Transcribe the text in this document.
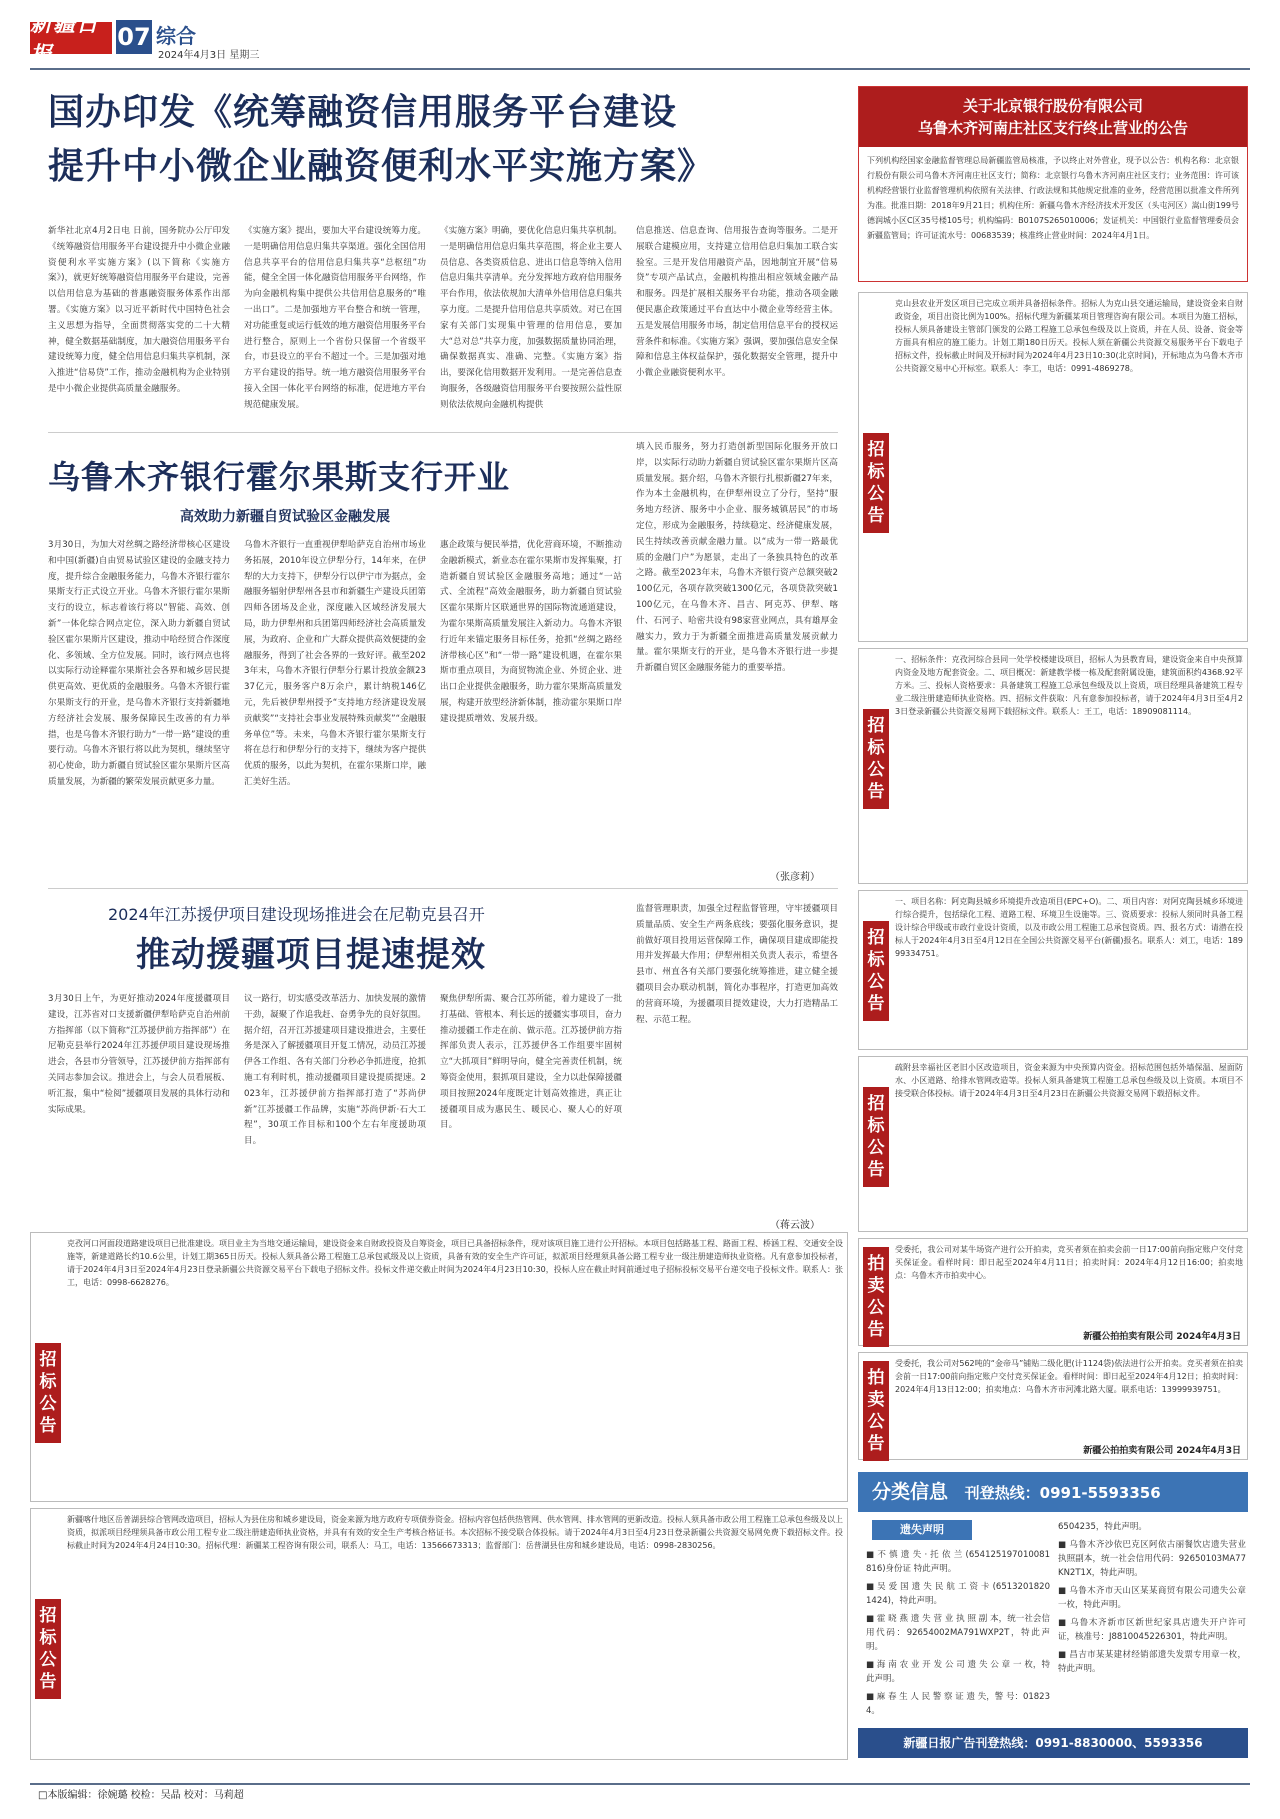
新疆日报
07 综合
2024年4月3日 星期三
国办印发《统筹融资信用服务平台建设
提升中小微企业融资便利水平实施方案》
新华社北京4月2日电 日前，国务院办公厅印发《统筹融资信用服务平台建设提升中小微企业融资便利水平实施方案》(以下简称《实施方案》)，就更好统筹融资信用服务平台建设，完善以信用信息为基础的普惠融资服务体系作出部署。《实施方案》以习近平新时代中国特色社会主义思想为指导，全面贯彻落实党的二十大精神，健全数据基础制度，加大融资信用服务平台建设统筹力度，健全信用信息归集共享机制，深入推进“信易贷”工作，推动金融机构为企业特别是中小微企业提供高质量金融服务。
《实施方案》提出，要加大平台建设统筹力度。一是明确信用信息归集共享渠道。强化全国信用信息共享平台的信用信息归集共享“总枢纽”功能，健全全国一体化融资信用服务平台网络，作为向金融机构集中提供公共信用信息服务的“唯一出口”。二是加强地方平台整合和统一管理，对功能重复或运行低效的地方融资信用服务平台进行整合，原则上一个省份只保留一个省级平台，市县设立的平台不超过一个。三是加强对地方平台建设的指导。统一地方融资信用服务平台接入全国一体化平台网络的标准，促进地方平台规范健康发展。
《实施方案》明确，要优化信息归集共享机制。一是明确信用信息归集共享范围，将企业主要人员信息、各类资质信息、进出口信息等纳入信用信息归集共享清单。充分发挥地方政府信用服务平台作用，依法依规加大清单外信用信息归集共享力度。二是提升信用信息共享质效。对已在国家有关部门实现集中管理的信用信息，要加大“总对总”共享力度，加强数据质量协同治理，确保数据真实、准确、完整。《实施方案》指出，要深化信用数据开发利用。一是完善信息查询服务，各级融资信用服务平台要按照公益性原则依法依规向金融机构提供
信息推送、信息查询、信用报告查询等服务。二是开展联合建模应用，支持建立信用信息归集加工联合实验室。三是开发信用融资产品，因地制宜开展“信易贷”专项产品试点，金融机构推出相应领域金融产品和服务。四是扩展相关服务平台功能，推动各项金融便民惠企政策通过平台直达中小微企业等经营主体。五是发展信用服务市场，制定信用信息平台的授权运营条件和标准。《实施方案》强调，要加强信息安全保障和信息主体权益保护，强化数据安全管理，提升中小微企业融资便利水平。
关于北京银行股份有限公司
乌鲁木齐河南庄社区支行终止营业的公告
下列机构经国家金融监督管理总局新疆监管局核准，予以终止对外营业，现予以公告：机构名称：北京银行股份有限公司乌鲁木齐河南庄社区支行；简称：北京银行乌鲁木齐河南庄社区支行；业务范围：许可该机构经营银行业监督管理机构依照有关法律、行政法规和其他规定批准的业务，经营范围以批准文件所列为准。批准日期：2018年9月21日；机构住所：新疆乌鲁木齐经济技术开发区（头屯河区）嵩山街199号德润城小区C区35号楼105号；机构编码：B0107S265010006；发证机关：中国银行业监督管理委员会新疆监管局；许可证流水号：00683539；核准终止营业时间：2024年4月1日。
乌鲁木齐银行霍尔果斯支行开业
高效助力新疆自贸试验区金融发展
3月30日，为加大对丝绸之路经济带核心区建设和中国(新疆)自由贸易试验区建设的金融支持力度，提升综合金融服务能力，乌鲁木齐银行霍尔果斯支行正式设立开业。乌鲁木齐银行霍尔果斯支行的设立，标志着该行将以“智能、高效、创新”一体化综合网点定位，深入助力新疆自贸试验区霍尔果斯片区建设，推动中哈经贸合作深度化、多领域、全方位发展。同时，该行网点也将以实际行动诠释霍尔果斯社会各界和城乡居民提供更高效、更优质的金融服务。乌鲁木齐银行霍尔果斯支行的开业，是乌鲁木齐银行支持新疆地方经济社会发展、服务保障民生改善的有力举措，也是乌鲁木齐银行助力“一带一路”建设的重要行动。乌鲁木齐银行将以此为契机，继续坚守初心使命，助力新疆自贸试验区霍尔果斯片区高质量发展，为新疆的繁荣发展贡献更多力量。
乌鲁木齐银行一直重视伊犁哈萨克自治州市场业务拓展，2010年设立伊犁分行，14年来，在伊犁的大力支持下，伊犁分行以伊宁市为据点，金融服务辐射伊犁州各县市和新疆生产建设兵团第四师各团场及企业，深度融入区域经济发展大局，助力伊犁州和兵团第四师经济社会高质量发展，为政府、企业和广大群众提供高效便捷的金融服务，得到了社会各界的一致好评。截至2023年末，乌鲁木齐银行伊犁分行累计投放金额2337亿元，服务客户8万余户，累计纳税146亿元，先后被伊犁州授予“支持地方经济建设发展贡献奖”“支持社会事业发展特殊贡献奖”“金融服务单位”等。未来，乌鲁木齐银行霍尔果斯支行将在总行和伊犁分行的支持下，继续为客户提供优质的服务，以此为契机，在霍尔果斯口岸，融汇美好生活。
惠企政策与便民举措，优化营商环境，不断推动金融新模式，新业态在霍尔果斯市发挥集聚，打造新疆自贸试验区金融服务高地；通过“一站式、全流程”高效金融服务，助力新疆自贸试验区霍尔果斯片区联通世界的国际物流通道建设，为霍尔果斯高质量发展注入新动力。乌鲁木齐银行近年来锚定服务目标任务，抢抓“丝绸之路经济带核心区”和“一带一路”建设机遇，在霍尔果斯市重点项目，为商贸物流企业、外贸企业、进出口企业提供金融服务，助力霍尔果斯高质量发展，构建开放型经济新体制，推动霍尔果斯口岸建设提质增效、发展升级。
填入民币服务，努力打造创新型国际化服务开放口岸，以实际行动助力新疆自贸试验区霍尔果斯片区高质量发展。据介绍，乌鲁木齐银行扎根新疆27年来，作为本土金融机构，在伊犁州设立了分行，坚持“服务地方经济、服务中小企业、服务城镇居民”的市场定位，形成为金融服务，持续稳定、经济健康发展，民生持续改善贡献金融力量。以“成为一带一路最优质的金融门户”为愿景，走出了一条独具特色的改革之路。截至2023年末，乌鲁木齐银行资产总额突破2100亿元，各项存款突破1300亿元，各项贷款突破1100亿元，在乌鲁木齐、昌吉、阿克苏、伊犁、喀什、石河子、哈密共设有98家营业网点，具有雄厚金融实力，致力于为新疆全面推进高质量发展贡献力量。霍尔果斯支行的开业，是乌鲁木齐银行进一步提升新疆自贸区金融服务能力的重要举措。
（张彦莉）
2024年江苏援伊项目建设现场推进会在尼勒克县召开
推动援疆项目提速提效
3月30日上午，为更好推动2024年度援疆项目建设，江苏省对口支援新疆伊犁哈萨克自治州前方指挥部（以下简称“江苏援伊前方指挥部”）在尼勒克县举行2024年江苏援伊项目建设现场推进会，各县市分管领导，江苏援伊前方指挥部有关同志参加会议。推进会上，与会人员看展板、听汇报，集中“检阅”援疆项目发展的具体行动和实际成果。
议一路行，切实感受改革活力、加快发展的激情干劲，凝聚了作追我赶、奋勇争先的良好氛围。据介绍，召开江苏援建项目建设推进会，主要任务是深入了解援疆项目开复工情况，动员江苏援伊各工作组、各有关部门分秒必争抓进度，抢抓施工有利时机，推动援疆项目建设提质提速。2023年，江苏援伊前方指挥部打造了“苏尚伊新”江苏援疆工作品牌，实施“苏尚伊新·石大工程”，30项工作目标和100个左右年度援助项目。
聚焦伊犁所需、聚合江苏所能，着力建设了一批打基础、管根本、利长远的援疆实事项目，奋力推动援疆工作走在前、做示范。江苏援伊前方指挥部负责人表示，江苏援伊各工作组要牢固树立“大抓项目”鲜明导向，健全完善责任机制，统筹资金使用，狠抓项目建设，全力以赴保障援疆项目按照2024年度既定计划高效推进，真正让援疆项目成为惠民生、暖民心、聚人心的好项目。
监督管理职责，加强全过程监督管理，守牢援疆项目质量品质、安全生产两条底线；要强化服务意识，提前做好项目投用运营保障工作，确保项目建成即能投用并发挥最大作用；伊犁州相关负责人表示，希望各县市、州直各有关部门要强化统筹推进，建立健全援疆项目会办联动机制，简化办事程序，打造更加高效的营商环境，为援疆项目提效建设，大力打造精品工程、示范工程。
（蒋云波）
招标公告
克山县农业开发区项目已完成立项并具备招标条件。招标人为克山县交通运输局，建设资金来自财政资金，项目出资比例为100%。招标代理为新疆某项目管理咨询有限公司。本项目为施工招标，投标人须具备建设主管部门颁发的公路工程施工总承包叁级及以上资质，并在人员、设备、资金等方面具有相应的施工能力。计划工期180日历天。投标人须在新疆公共资源交易服务平台下载电子招标文件，投标截止时间及开标时间为2024年4月23日10:30(北京时间)，开标地点为乌鲁木齐市公共资源交易中心开标室。联系人：李工，电话：0991-4869278。
招标公告
一、招标条件：克孜河综合县同一处学校楼建设项目，招标人为县教育局，建设资金来自中央预算内资金及地方配套资金。二、项目概况：新建教学楼一栋及配套附属设施，建筑面积约4368.92平方米。三、投标人资格要求：具备建筑工程施工总承包叁级及以上资质，项目经理具备建筑工程专业二级注册建造师执业资格。四、招标文件获取：凡有意参加投标者，请于2024年4月3日至4月23日登录新疆公共资源交易网下载招标文件。联系人：王工，电话：18909081114。
招标公告
一、项目名称：阿克陶县城乡环境提升改造项目(EPC+O)。二、项目内容：对阿克陶县城乡环境进行综合提升，包括绿化工程、道路工程、环境卫生设施等。三、资质要求：投标人须同时具备工程设计综合甲级或市政行业设计资质，以及市政公用工程施工总承包资质。四、报名方式：请潜在投标人于2024年4月3日至4月12日在全国公共资源交易平台(新疆)报名。联系人：刘工，电话：18999334751。
招标公告
疏附县幸福社区老旧小区改造项目，资金来源为中央预算内资金。招标范围包括外墙保温、屋面防水、小区道路、给排水管网改造等。投标人须具备建筑工程施工总承包叁级及以上资质。本项目不接受联合体投标。请于2024年4月3日至4月23日在新疆公共资源交易网下载招标文件。
拍卖公告
受委托，我公司对某牛场资产进行公开拍卖，竞买者须在拍卖会前一日17:00前向指定账户交付竞买保证金。看样时间：即日起至2024年4月11日；拍卖时间：2024年4月12日16:00；拍卖地点：乌鲁木齐市拍卖中心。
新疆公拍拍卖有限公司 2024年4月3日
拍卖公告
受委托，我公司对562吨的“金帝马”铺贴二级化肥(计1124袋)依法进行公开拍卖。竞买者须在拍卖会前一日17:00前向指定账户交付竞买保证金。看样时间：即日起至2024年4月12日；拍卖时间：2024年4月13日12:00；拍卖地点：乌鲁木齐市河滩北路大厦。联系电话：13999939751。
新疆公拍拍卖有限公司 2024年4月3日
招标公告
克孜河口河面段道路建设项目已批准建设。项目业主为当地交通运输局，建设资金来自财政投资及自筹资金，项目已具备招标条件，现对该项目施工进行公开招标。本项目包括路基工程、路面工程、桥涵工程、交通安全设施等，新建道路长约10.6公里，计划工期365日历天。投标人须具备公路工程施工总承包贰级及以上资质，具备有效的安全生产许可证，拟派项目经理须具备公路工程专业一级注册建造师执业资格。凡有意参加投标者，请于2024年4月3日至2024年4月23日登录新疆公共资源交易平台下载电子招标文件。投标文件递交截止时间为2024年4月23日10:30，投标人应在截止时间前通过电子招标投标交易平台递交电子投标文件。联系人：张工，电话：0998-6628276。
招标公告
新疆喀什地区岳普湖县综合管网改造项目，招标人为县住房和城乡建设局，资金来源为地方政府专项债券资金。招标内容包括供热管网、供水管网、排水管网的更新改造。投标人须具备市政公用工程施工总承包叁级及以上资质，拟派项目经理须具备市政公用工程专业二级注册建造师执业资格，并具有有效的安全生产考核合格证书。本次招标不接受联合体投标。请于2024年4月3日至4月23日登录新疆公共资源交易网免费下载招标文件。投标截止时间为2024年4月24日10:30。招标代理：新疆某工程咨询有限公司，联系人：马工，电话：13566673313；监督部门：岳普湖县住房和城乡建设局，电话：0998-2830256。
分类信息 刊登热线：0991-5593356
遗失声明
■ 不 慎 遗 失 · 托 依 兰 (654125197010081816)身份证 特此声明。
■ 吴 爱 国 遗 失 民 航 工 资 卡 (65132018201424)，特此声明。
■ 霍 晓 燕 遗 失 营 业 执 照 副 本，统一社会信用代码：92654002MA791WXP2T，特此声明。
■ 海 南 农 业 开 发 公 司 遗 失 公 章 一 枚，特此声明。
■ 麻 春 生 人 民 警 察 证 遗 失，警 号：018234。
6504235，特此声明。
■ 乌鲁木齐沙依巴克区阿依古丽餐饮店遗失营业执照副本，统一社会信用代码：92650103MA77KN2T1X，特此声明。
■ 乌鲁木齐市天山区某某商贸有限公司遗失公章一枚，特此声明。
■ 乌鲁木齐新市区新世纪家具店遗失开户许可证，核准号：J8810045226301，特此声明。
■ 昌吉市某某建材经销部遗失发票专用章一枚，特此声明。
新疆日报广告刊登热线：0991-8830000、5593356
□本版编辑：徐婉璐 校检：吴晶 校对：马莉超
